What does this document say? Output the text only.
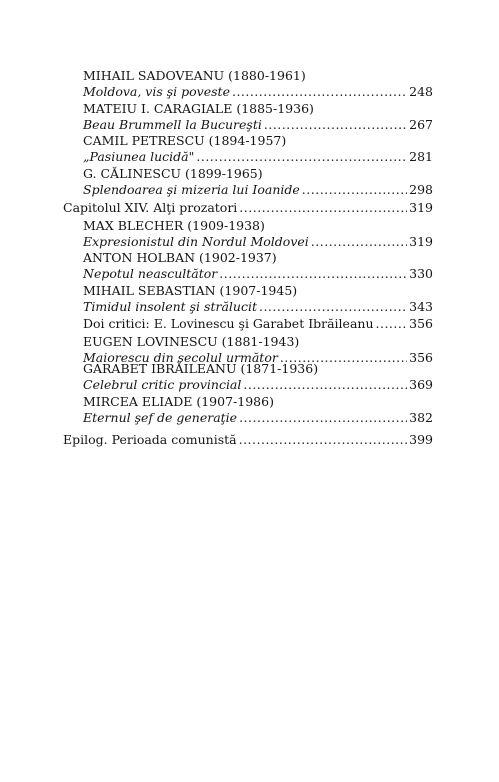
MIHAIL SADOVEANU (1880-1961)
Moldova, vis şi poveste .....	248
MATEIU I. CARAGIALE (1885-1936)
Beau Brummell la Bucureşti .....	267
CAMIL PETRESCU (1894-1957)
„Pasiunea lucidă" .....	281
G. CĂLINESCU (1899-1965)
Splendoarea şi mizeria lui Ioanide .....	298
Capitolul XIV. Alţi prozatori .....	319
MAX BLECHER (1909-1938)
Expresionistul din Nordul Moldovei .....	319
ANTON HOLBAN (1902-1937)
Nepotul neascultător .....	330
MIHAIL SEBASTIAN (1907-1945)
Timidul insolent şi strălucit .....	343
Doi critici: E. Lovinescu şi Garabet Ibrăileanu .....	356
EUGEN LOVINESCU (1881-1943)
Maiorescu din secolul următor .....	356
GARABET IBRĂILEANU (1871-1936)
Celebrul critic provincial .....	369
MIRCEA ELIADE (1907-1986)
Eternul şef de generaţie .....	382
Epilog. Perioada comunistă .....	399
